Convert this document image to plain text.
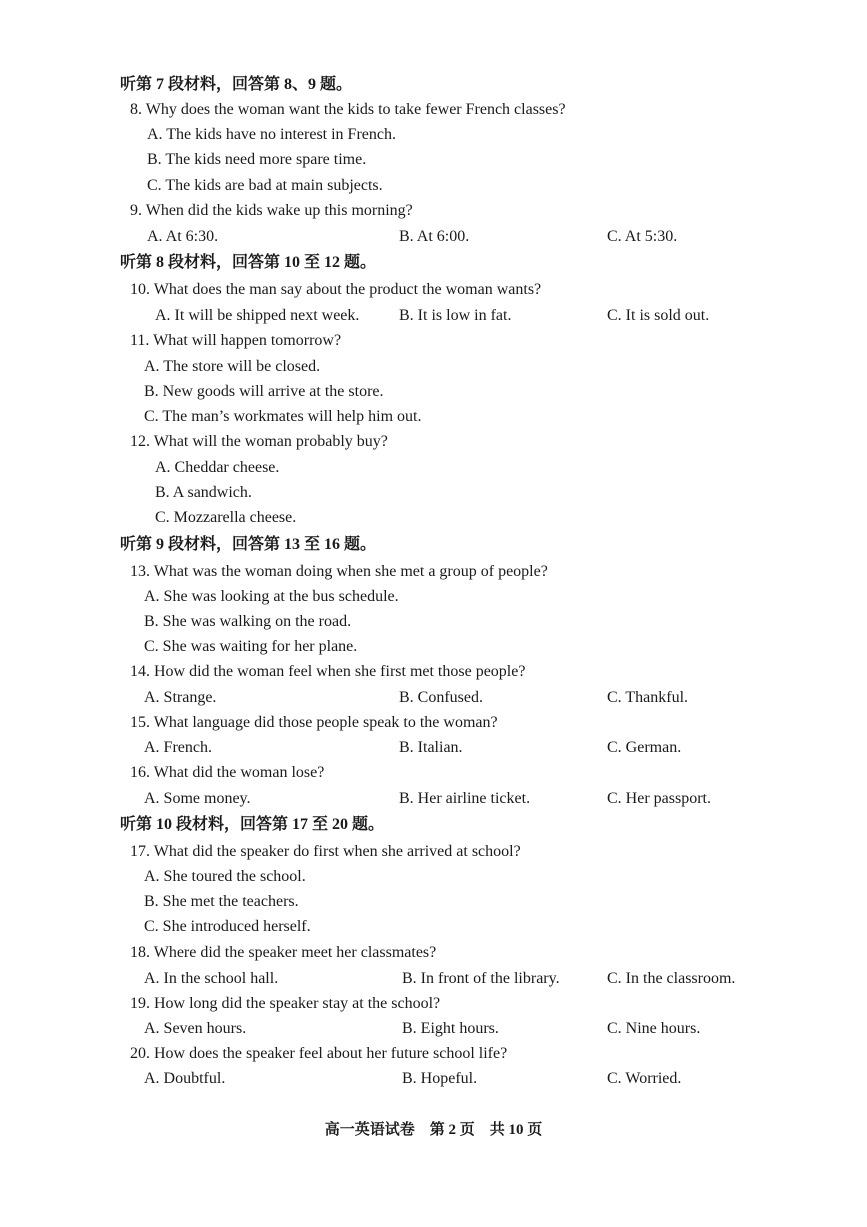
听第 7 段材料，回答第 8、9 题。
8. Why does the woman want the kids to take fewer French classes?
A. The kids have no interest in French.
B. The kids need more spare time.
C. The kids are bad at main subjects.
9. When did the kids wake up this morning?
A. At 6:30.	B. At 6:00.	C. At 5:30.
听第 8 段材料，回答第 10 至 12 题。
10. What does the man say about the product the woman wants?
A. It will be shipped next week. B. It is low in fat.	C. It is sold out.
11. What will happen tomorrow?
A. The store will be closed.
B. New goods will arrive at the store.
C. The man’s workmates will help him out.
12. What will the woman probably buy?
A. Cheddar cheese.
B. A sandwich.
C. Mozzarella cheese.
听第 9 段材料，回答第 13 至 16 题。
13. What was the woman doing when she met a group of people?
A. She was looking at the bus schedule.
B. She was walking on the road.
C. She was waiting for her plane.
14. How did the woman feel when she first met those people?
A. Strange.	B. Confused.	C. Thankful.
15. What language did those people speak to the woman?
A. French.	B. Italian.	C. German.
16. What did the woman lose?
A. Some money.	B. Her airline ticket.	C. Her passport.
听第 10 段材料，回答第 17 至 20 题。
17. What did the speaker do first when she arrived at school?
A. She toured the school.
B. She met the teachers.
C. She introduced herself.
18. Where did the speaker meet her classmates?
A. In the school hall.	B. In front of the library.	C. In the classroom.
19. How long did the speaker stay at the school?
A. Seven hours.	B. Eight hours.	C. Nine hours.
20. How does the speaker feel about her future school life?
A. Doubtful.	B. Hopeful.	C. Worried.
高一英语试卷　第 2 页　共 10 页
